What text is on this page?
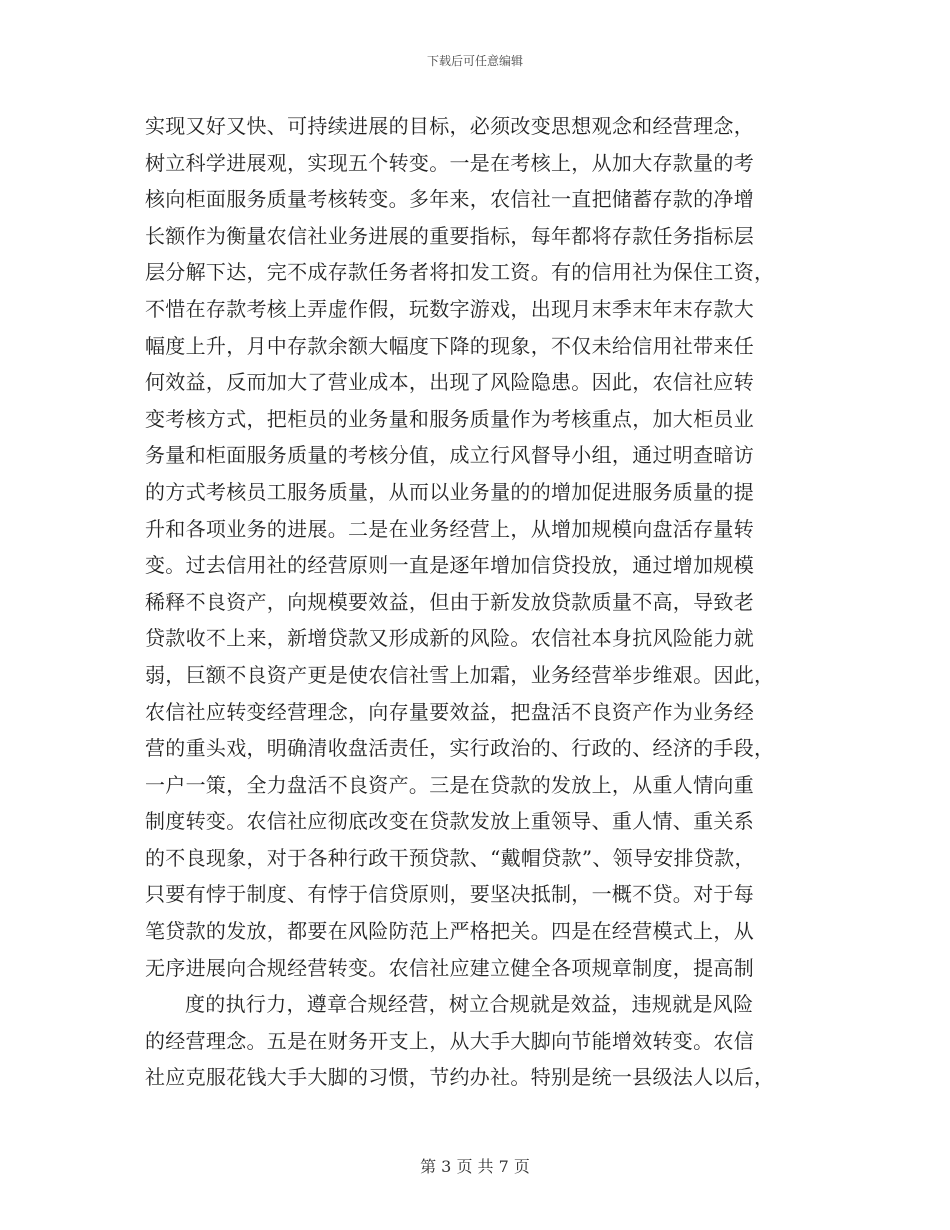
下载后可任意编辑
实现又好又快、可持续进展的目标，必须改变思想观念和经营理念，
树立科学进展观，实现五个转变。一是在考核上，从加大存款量的考
核向柜面服务质量考核转变。多年来，农信社一直把储蓄存款的净增
长额作为衡量农信社业务进展的重要指标，每年都将存款任务指标层
层分解下达，完不成存款任务者将扣发工资。有的信用社为保住工资，
不惜在存款考核上弄虚作假，玩数字游戏，出现月末季末年末存款大
幅度上升，月中存款余额大幅度下降的现象，不仅未给信用社带来任
何效益，反而加大了营业成本，出现了风险隐患。因此，农信社应转
变考核方式，把柜员的业务量和服务质量作为考核重点，加大柜员业
务量和柜面服务质量的考核分值，成立行风督导小组，通过明查暗访
的方式考核员工服务质量，从而以业务量的的增加促进服务质量的提
升和各项业务的进展。二是在业务经营上，从增加规模向盘活存量转
变。过去信用社的经营原则一直是逐年增加信贷投放，通过增加规模
稀释不良资产，向规模要效益，但由于新发放贷款质量不高，导致老
贷款收不上来，新增贷款又形成新的风险。农信社本身抗风险能力就
弱，巨额不良资产更是使农信社雪上加霜，业务经营举步维艰。因此，
农信社应转变经营理念，向存量要效益，把盘活不良资产作为业务经
营的重头戏，明确清收盘活责任，实行政治的、行政的、经济的手段，
一户一策，全力盘活不良资产。三是在贷款的发放上，从重人情向重
制度转变。农信社应彻底改变在贷款发放上重领导、重人情、重关系
的不良现象，对于各种行政干预贷款、“戴帽贷款”、领导安排贷款，
只要有悖于制度、有悖于信贷原则，要坚决抵制，一概不贷。对于每
笔贷款的发放，都要在风险防范上严格把关。四是在经营模式上，从
无序进展向合规经营转变。农信社应建立健全各项规章制度，提高制
度的执行力，遵章合规经营，树立合规就是效益，违规就是风险
的经营理念。五是在财务开支上，从大手大脚向节能增效转变。农信
社应克服花钱大手大脚的习惯，节约办社。特别是统一县级法人以后，
第 3 页 共 7 页
